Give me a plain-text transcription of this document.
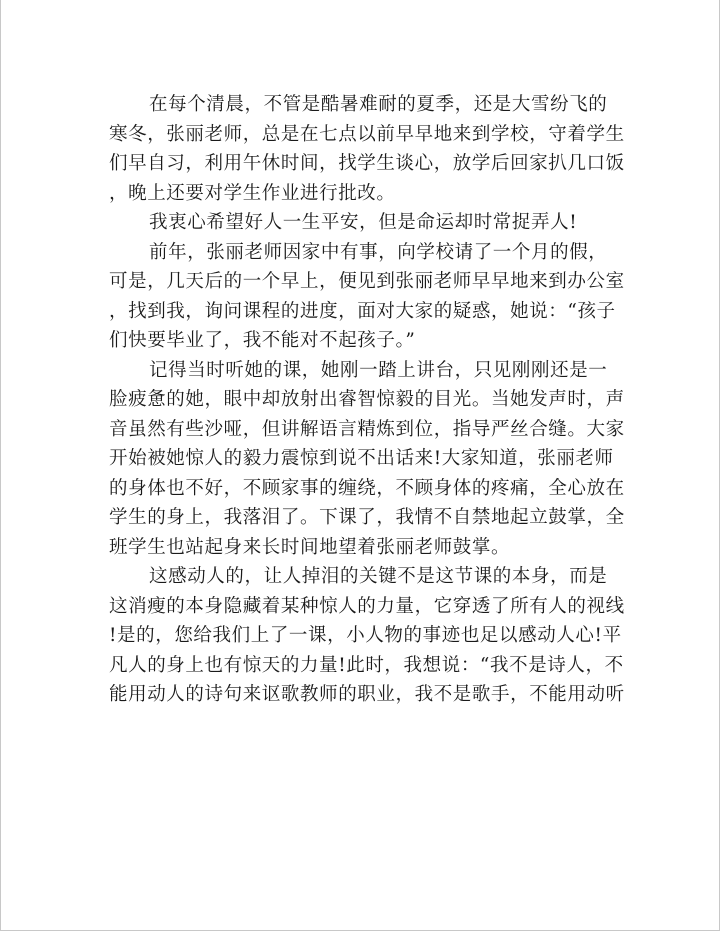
在每个清晨，不管是酷暑难耐的夏季，还是大雪纷飞的
寒冬，张丽老师，总是在七点以前早早地来到学校，守着学生
们早自习，利用午休时间，找学生谈心，放学后回家扒几口饭
，晚上还要对学生作业进行批改。
我衷心希望好人一生平安，但是命运却时常捉弄人!
前年，张丽老师因家中有事，向学校请了一个月的假，
可是，几天后的一个早上，便见到张丽老师早早地来到办公室
，找到我，询问课程的进度，面对大家的疑惑，她说：“孩子
们快要毕业了，我不能对不起孩子。”
记得当时听她的课，她刚一踏上讲台，只见刚刚还是一
脸疲惫的她，眼中却放射出睿智惊毅的目光。当她发声时，声
音虽然有些沙哑，但讲解语言精炼到位，指导严丝合缝。大家
开始被她惊人的毅力震惊到说不出话来!大家知道，张丽老师
的身体也不好，不顾家事的缠绕，不顾身体的疼痛，全心放在
学生的身上，我落泪了。下课了，我情不自禁地起立鼓掌，全
班学生也站起身来长时间地望着张丽老师鼓掌。
这感动人的，让人掉泪的关键不是这节课的本身，而是
这消瘦的本身隐藏着某种惊人的力量，它穿透了所有人的视线
!是的，您给我们上了一课，小人物的事迹也足以感动人心!平
凡人的身上也有惊天的力量!此时，我想说：“我不是诗人，不
能用动人的诗句来讴歌教师的职业，我不是歌手，不能用动听
